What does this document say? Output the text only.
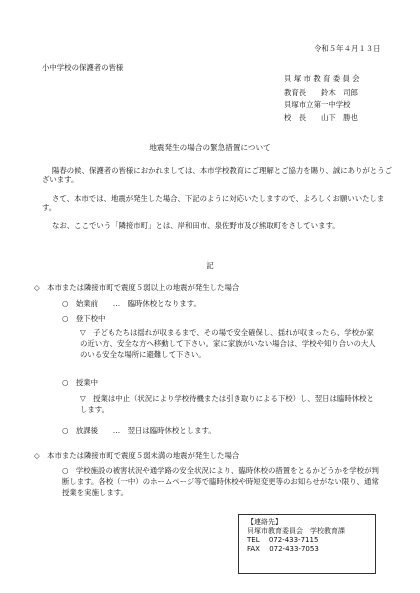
令和５年４月１３日
小中学校の保護者の皆様
貝 塚 市 教 育 委 員 会
教育長　　鈴木　司郎
貝塚市立第一中学校
校　長　　山下　勝也
地震発生の場合の緊急措置について
陽春の候、保護者の皆様におかれましては、本市学校教育にご理解とご協力を賜り、誠にありがとうございます。
さて、本市では、地震が発生した場合、下記のように対応いたしますので、よろしくお願いいたします。
なお、ここでいう「隣接市町」とは、岸和田市、泉佐野市及び熊取町をさしています。
記
◇　本市または隣接市町で震度５弱以上の地震が発生した場合
○　始業前　　…　臨時休校となります。
○　登下校中
▽　子どもたちは揺れが収まるまで、その場で安全確保し、揺れが収まったら、学校か家の近い方、安全な方へ移動して下さい。家に家族がいない場合は、学校や知り合いの大人のいる安全な場所に避難して下さい。
○　授業中
▽　授業は中止（状況により学校待機または引き取りによる下校）し、翌日は臨時休校とします。
○　放課後　　…　翌日は臨時休校とします。
◇　本市または隣接市町で震度５弱未満の地震が発生した場合
○　学校施設の被害状況や通学路の安全状況により、臨時休校の措置をとるかどうかを学校が判断します。各校（一中）のホームページ等で臨時休校や時短変更等のお知らせがない限り、通常授業を実施します。
【連絡先】
貝塚市教育委員会　学校教育課
TEL　 072-433-7115
FAX　 072-433-7053
